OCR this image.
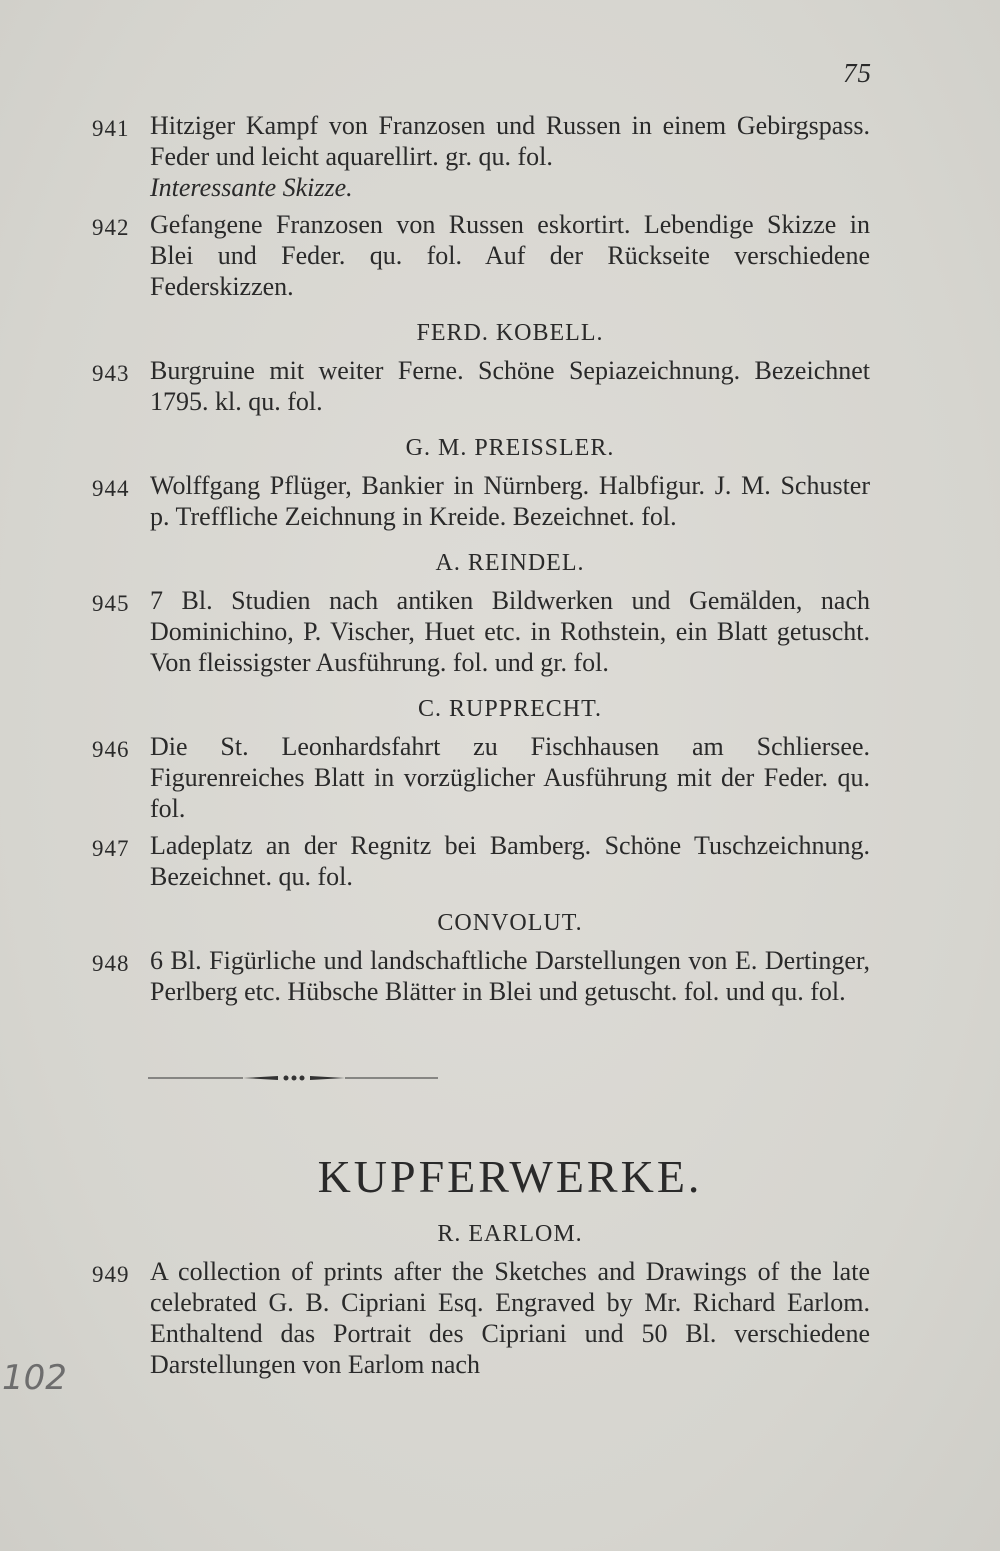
75
941 Hitziger Kampf von Franzosen und Russen in einem Gebirgspass. Feder und leicht aquarellirt. gr. qu. fol.
Interessante Skizze.
942 Gefangene Franzosen von Russen eskortirt. Lebendige Skizze in Blei und Feder. qu. fol. Auf der Rückseite verschiedene Federskizzen.
FERD. KOBELL.
943 Burgruine mit weiter Ferne. Schöne Sepiazeichnung. Bezeichnet 1795. kl. qu. fol.
G. M. PREISSLER.
944 Wolffgang Pflüger, Bankier in Nürnberg. Halbfigur. J. M. Schuster p. Treffliche Zeichnung in Kreide. Bezeichnet. fol.
A. REINDEL.
945 7 Bl. Studien nach antiken Bildwerken und Gemälden, nach Dominichino, P. Vischer, Huet etc. in Rothstein, ein Blatt getuscht. Von fleissigster Ausführung. fol. und gr. fol.
C. RUPPRECHT.
946 Die St. Leonhardsfahrt zu Fischhausen am Schliersee. Figurenreiches Blatt in vorzüglicher Ausführung mit der Feder. qu. fol.
947 Ladeplatz an der Regnitz bei Bamberg. Schöne Tuschzeichnung. Bezeichnet. qu. fol.
CONVOLUT.
948 6 Bl. Figürliche und landschaftliche Darstellungen von E. Dertinger, Perlberg etc. Hübsche Blätter in Blei und getuscht. fol. und qu. fol.
KUPFERWERKE.
R. EARLOM.
949 A collection of prints after the Sketches and Drawings of the late celebrated G. B. Cipriani Esq. Engraved by Mr. Richard Earlom. Enthaltend das Portrait des Cipriani und 50 Bl. verschiedene Darstellungen von Earlom nach
102
